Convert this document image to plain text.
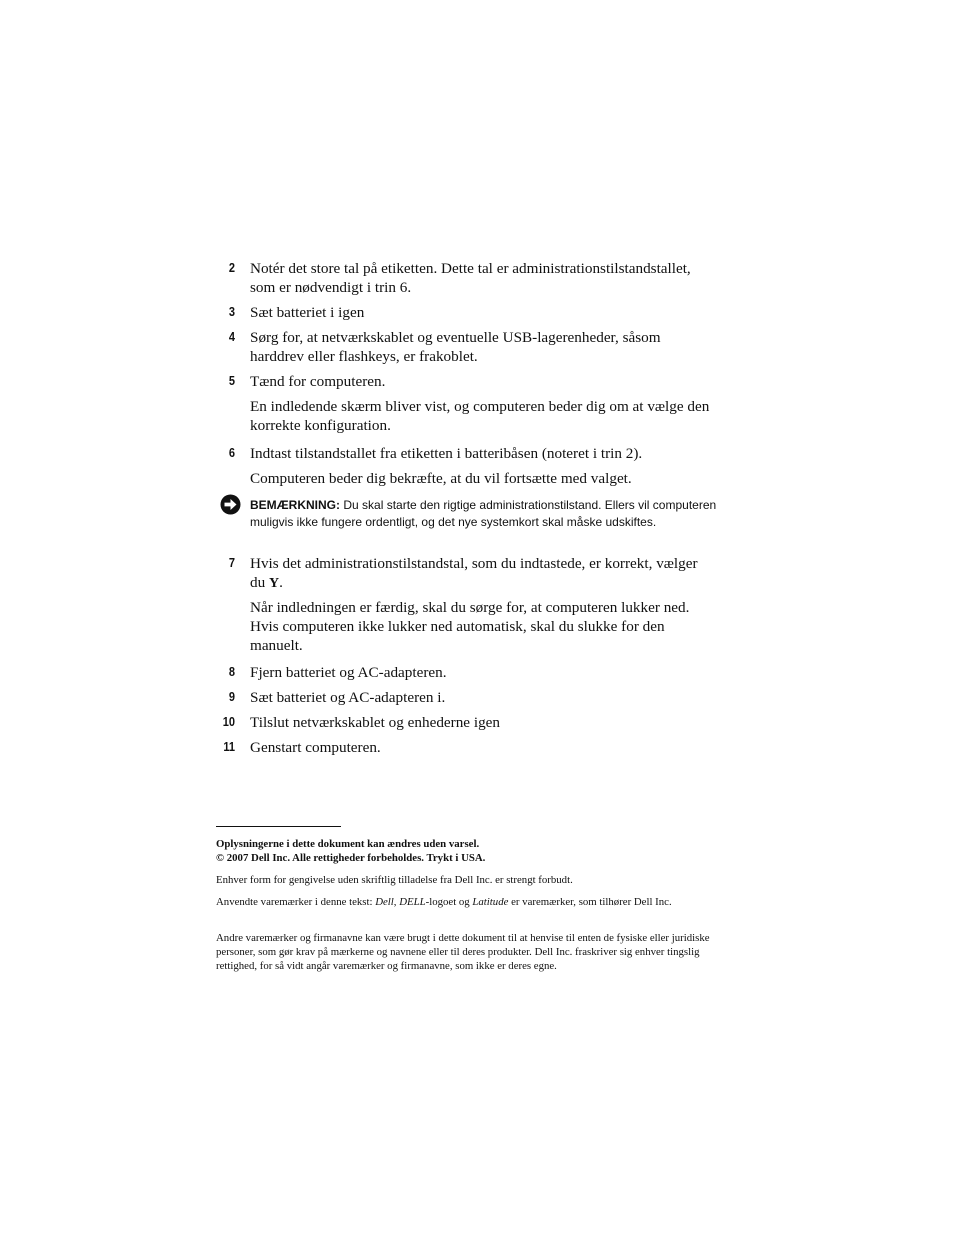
2 Notér det store tal på etiketten. Dette tal er administrationstilstandstallet, som er nødvendigt i trin 6.
3 Sæt batteriet i igen
4 Sørg for, at netværkskablet og eventuelle USB-lagerenheder, såsom harddrev eller flashkeys, er frakoblet.
5 Tænd for computeren.
En indledende skærm bliver vist, og computeren beder dig om at vælge den korrekte konfiguration.
6 Indtast tilstandstallet fra etiketten i batteribåsen (noteret i trin 2).
Computeren beder dig bekræfte, at du vil fortsætte med valget.
BEMÆRKNING: Du skal starte den rigtige administrationstilstand. Ellers vil computeren muligvis ikke fungere ordentligt, og det nye systemkort skal måske udskiftes.
7 Hvis det administrationstilstandstal, som du indtastede, er korrekt, vælger du Y.
Når indledningen er færdig, skal du sørge for, at computeren lukker ned. Hvis computeren ikke lukker ned automatisk, skal du slukke for den manuelt.
8 Fjern batteriet og AC-adapteren.
9 Sæt batteriet og AC-adapteren i.
10 Tilslut netværkskablet og enhederne igen
11 Genstart computeren.
Oplysningerne i dette dokument kan ændres uden varsel.
© 2007 Dell Inc. Alle rettigheder forbeholdes. Trykt i USA.
Enhver form for gengivelse uden skriftlig tilladelse fra Dell Inc. er strengt forbudt.
Anvendte varemærker i denne tekst: Dell, DELL-logoet og Latitude er varemærker, som tilhører Dell Inc.
Andre varemærker og firmanavne kan være brugt i dette dokument til at henvise til enten de fysiske eller juridiske personer, som gør krav på mærkerne og navnene eller til deres produkter. Dell Inc. fraskriver sig enhver tingslig rettighed, for så vidt angår varemærker og firmanavne, som ikke er deres egne.
